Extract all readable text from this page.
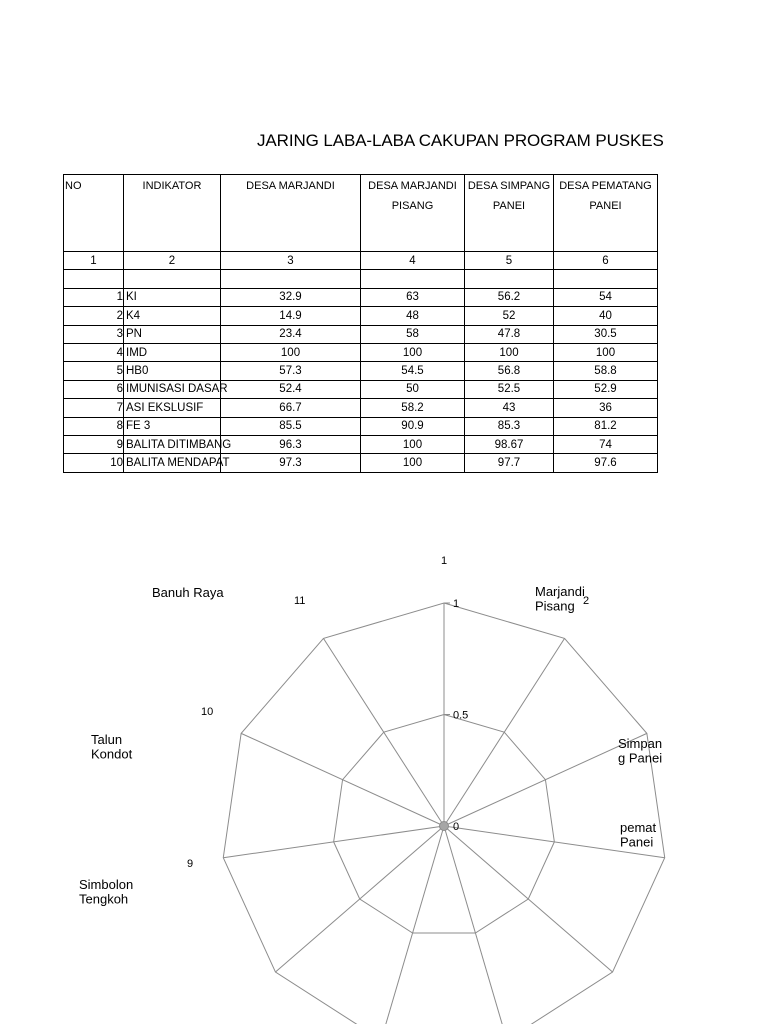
JARING LABA-LABA CAKUPAN PROGRAM PUSKES
NO	INDIKATOR	DESA MARJANDI	DESA MARJANDI PISANG	DESA SIMPANG PANEI	DESA PEMATANG PANEI
1	2	3	4	5	6

1	KI	32.9	63	56.2	54
2	K4	14.9	48	52	40
3	PN	23.4	58	47.8	30.5
4	IMD	100	100	100	100
5	HB0	57.3	54.5	56.8	58.8
6	IMUNISASI DASAR	52.4	50	52.5	52.9
7	ASI EKSLUSIF	66.7	58.2	43	36
8	FE 3	85.5	90.9	85.3	81.2
9	BALITA DITIMBANG	96.3	100	98.67	74
10	BALITA MENDAPAT	97.3	100	97.7	97.6
0
0.5
1
1
2
9
10
11
Marjandi
Pisang
Simpan
g Panei
pemat
Panei
Simbolon
Tengkoh
Talun
Kondot
Banuh Raya
